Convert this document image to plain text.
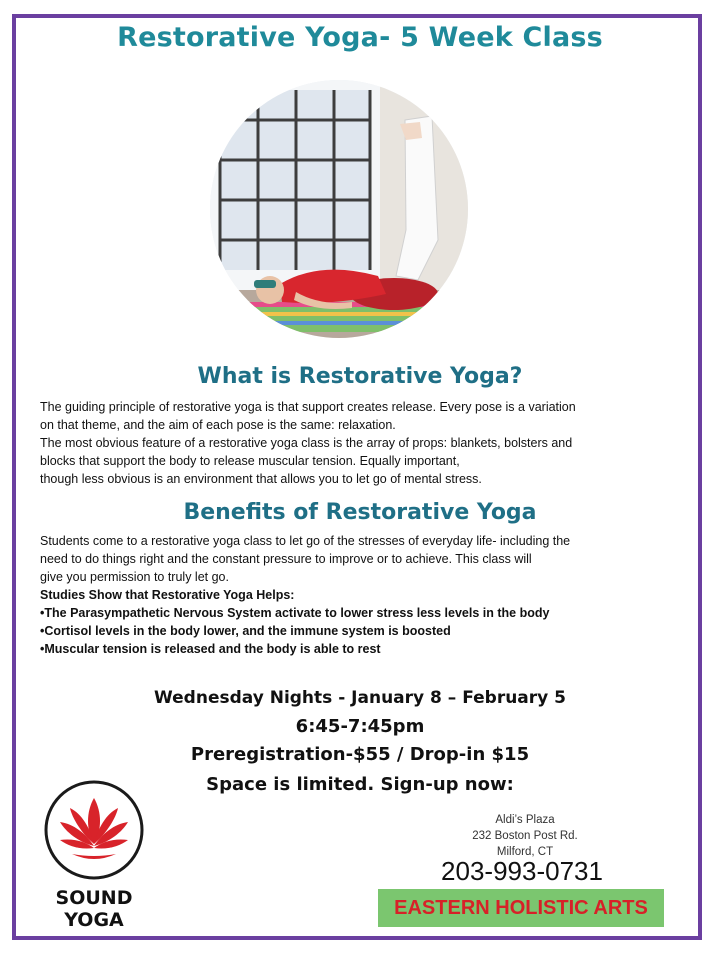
Restorative Yoga- 5 Week Class
What is Restorative Yoga?

The guiding principle of restorative yoga is that support creates release. Every pose is a variation

on that theme, and the aim of each pose is the same: relaxation.

The most obvious feature of a restorative yoga class is the array of props: blankets, bolsters and

blocks that support the body to release muscular tension. Equally important,

though less obvious is an environment that allows you to let go of mental stress.

Benefits of Restorative Yoga

Students come to a restorative yoga class to let go of the stresses of everyday life- including the

need to do things right and the constant pressure to improve or to achieve. This class will

give you permission to truly let go.

Studies Show that Restorative Yoga Helps:

•The Parasympathetic Nervous System activate to lower stress less levels in the body

•Cortisol levels in the body lower, and the immune system is boosted

•Muscular tension is released and the body is able to rest

Wednesday Nights - January 8 – February 5
6:45-7:45pm
Preregistration-$55 / Drop-in $15
Space is limited. Sign-up now:
SOUND
YOGA
Aldi’s Plaza
232 Boston Post Rd.
Milford, CT
203-993-0731
EASTERN HOLISTIC ARTS
